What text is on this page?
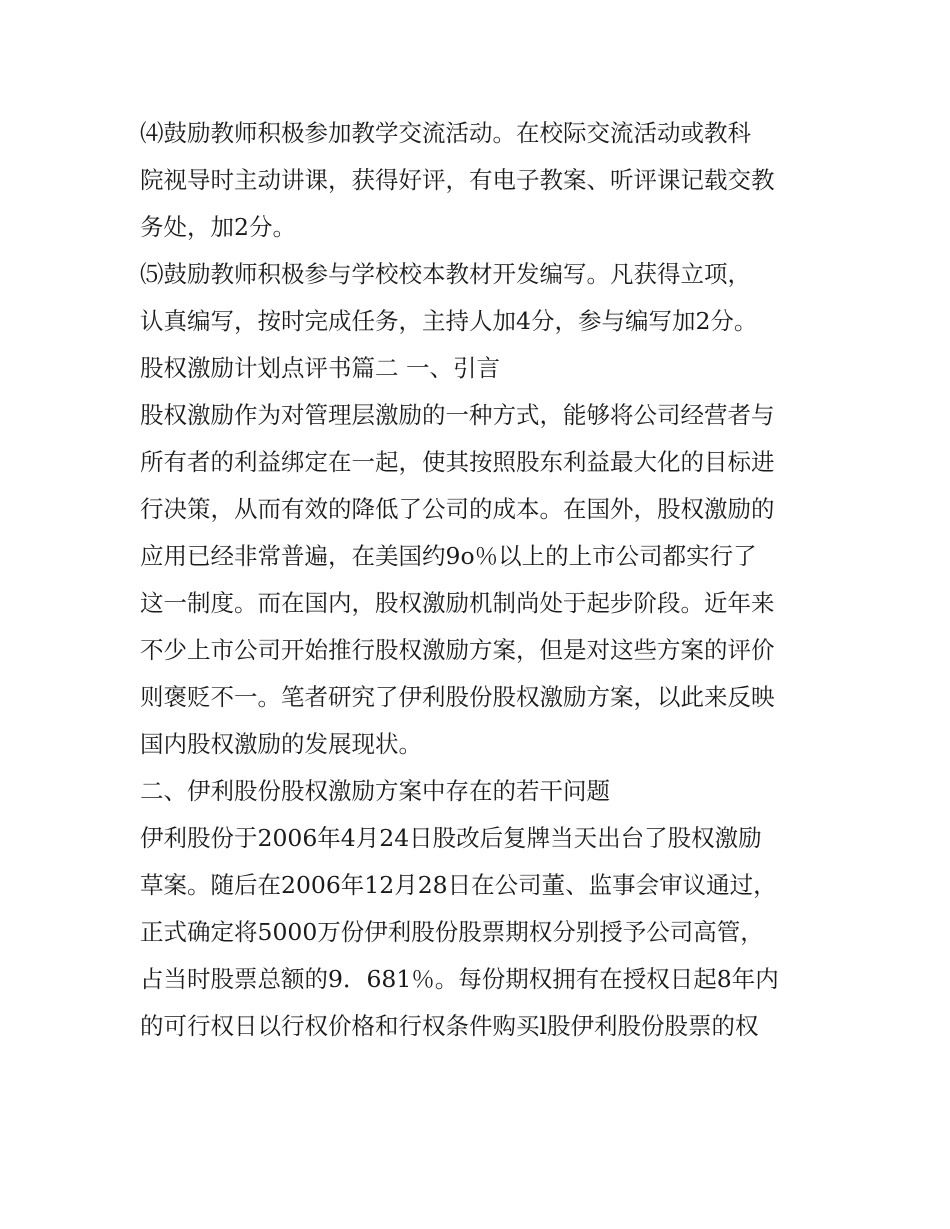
⑷鼓励教师积极参加教学交流活动。在校际交流活动或教科
院视导时主动讲课，获得好评，有电子教案、听评课记载交教
务处，加2分。
⑸鼓励教师积极参与学校校本教材开发编写。凡获得立项，
认真编写，按时完成任务，主持人加4分，参与编写加2分。
股权激励计划点评书篇二 一、引言
股权激励作为对管理层激励的一种方式，能够将公司经营者与
所有者的利益绑定在一起，使其按照股东利益最大化的目标进
行决策，从而有效的降低了公司的成本。在国外，股权激励的
应用已经非常普遍，在美国约9o％以上的上市公司都实行了
这一制度。而在国内，股权激励机制尚处于起步阶段。近年来
不少上市公司开始推行股权激励方案，但是对这些方案的评价
则褒贬不一。笔者研究了伊利股份股权激励方案，以此来反映
国内股权激励的发展现状。
二、伊利股份股权激励方案中存在的若干问题
伊利股份于2006年4月24日股改后复牌当天出台了股权激励
草案。随后在2006年12月28日在公司董、监事会审议通过，
正式确定将5000万份伊利股份股票期权分别授予公司高管，
占当时股票总额的9．681％。每份期权拥有在授权日起8年内
的可行权日以行权价格和行权条件购买l股伊利股份股票的权
